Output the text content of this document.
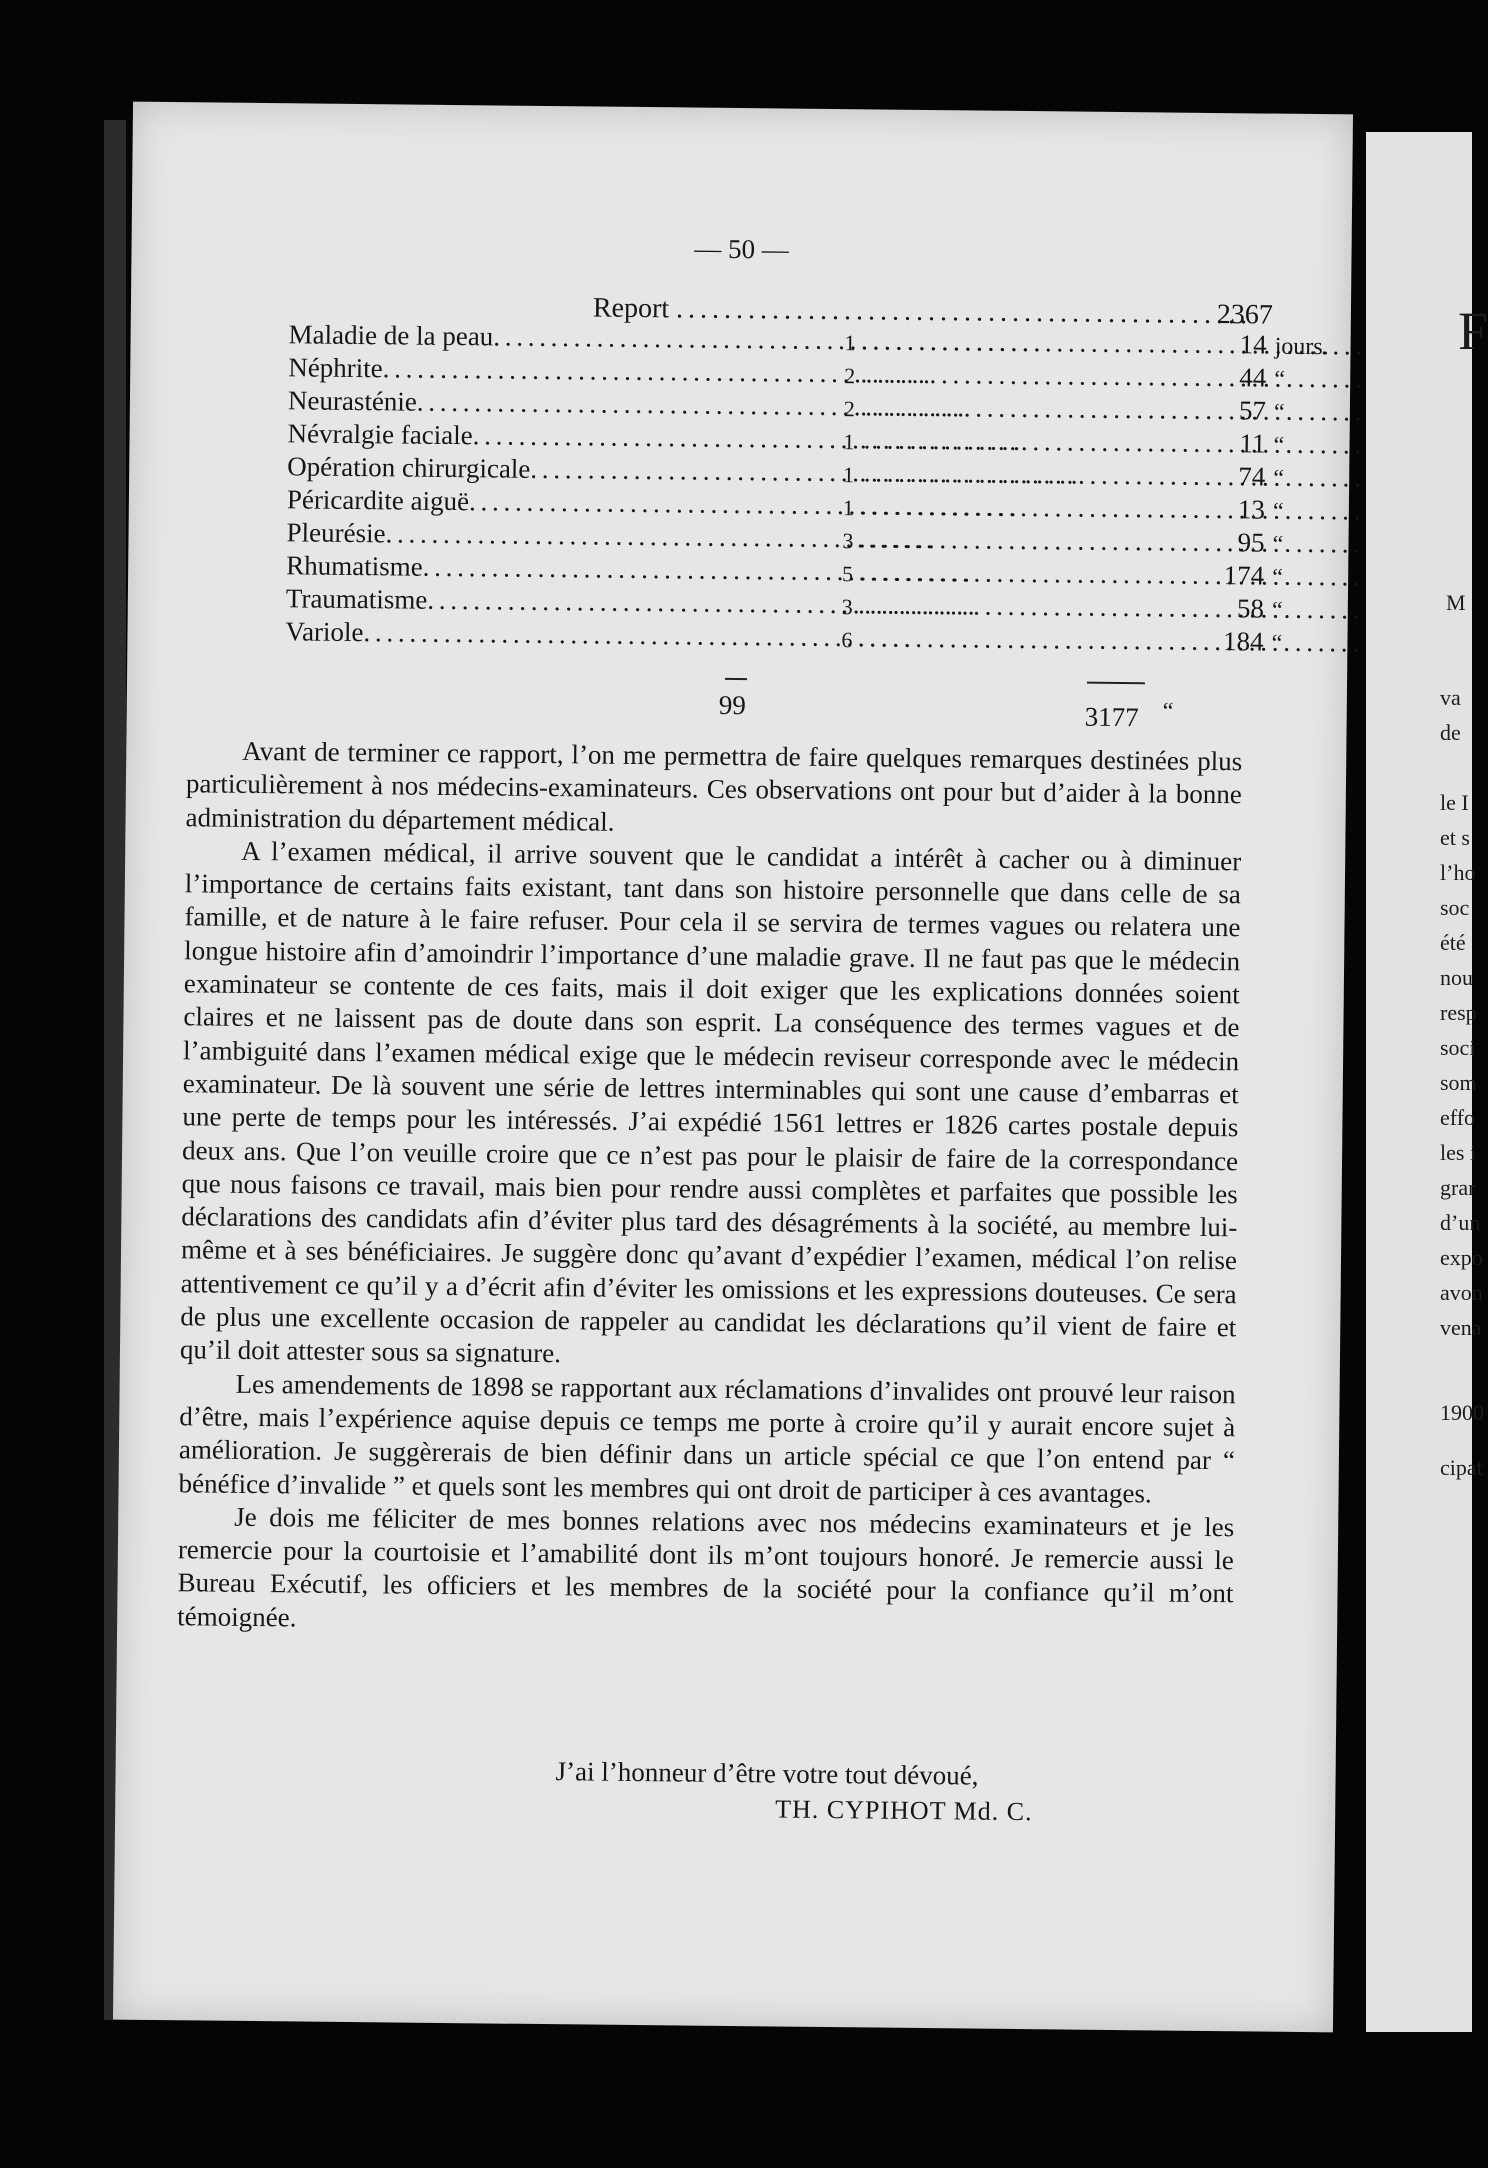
— 50 —
Report . . .	2367
Maladie de la peau. . .	1	. . .	14	jours.
Néphrite. . .	2	. . .	44	“
Neurasténie. . .	2	. . .	57	“
Névralgie faciale. . .	1	. . .	11	“
Opération chirurgicale. . .	1	. . .	74	“
Péricardite aiguë. . .	1	. . .	13	“
Pleurésie. . .	3	. . .	95	“
Rhumatisme. . .	5	. . .	174	“
Traumatisme. . .	3	. . .	58	“
Variole. . .	6	. . .	184	“
99	3177 “

Avant de terminer ce rapport, l’on me permettra de faire quelques remarques destinées plus particulièrement à nos médecins-examinateurs. Ces observations ont pour but d’aider à la bonne administration du département médical.

A l’examen médical, il arrive souvent que le candidat a intérêt à cacher ou à diminuer l’importance de certains faits existant, tant dans son histoire personnelle que dans celle de sa famille, et de nature à le faire refuser. Pour cela il se servira de termes vagues ou relatera une longue histoire afin d’amoindrir l’importance d’une maladie grave. Il ne faut pas que le médecin examinateur se contente de ces faits, mais il doit exiger que les explications données soient claires et ne laissent pas de doute dans son esprit. La conséquence des termes vagues et de l’ambiguité dans l’examen médical exige que le médecin reviseur corresponde avec le médecin examinateur. De là souvent une série de lettres interminables qui sont une cause d’embarras et une perte de temps pour les intéressés. J’ai expédié 1561 lettres er 1826 cartes postale depuis deux ans. Que l’on veuille croire que ce n’est pas pour le plaisir de faire de la correspondance que nous faisons ce travail, mais bien pour rendre aussi complètes et parfaites que possible les déclarations des candidats afin d’éviter plus tard des désagréments à la société, au membre lui-même et à ses bénéficiaires. Je suggère donc qu’avant d’expédier l’examen, médical l’on relise attentivement ce qu’il y a d’écrit afin d’éviter les omissions et les expressions douteuses. Ce sera de plus une excellente occasion de rappeler au candidat les déclarations qu’il vient de faire et qu’il doit attester sous sa signature.

Les amendements de 1898 se rapportant aux réclamations d’invalides ont prouvé leur raison d’être, mais l’expérience aquise depuis ce temps me porte à croire qu’il y aurait encore sujet à amélioration. Je suggèrerais de bien définir dans un article spécial ce que l’on entend par “ bénéfice d’invalide ” et quels sont les membres qui ont droit de participer à ces avantages.

Je dois me féliciter de mes bonnes relations avec nos médecins examinateurs et je les remercie pour la courtoisie et l’amabilité dont ils m’ont toujours honoré. Je remercie aussi le Bureau Exécutif, les officiers et les membres de la société pour la confiance qu’il m’ont témoignée.

J’ai l’honneur d’être votre tout dévoué,
TH. CYPIHOT Md. C.
F
M
va
de
le I
et s
l’ho
soc
été
nou
resp
soci
som
effo
les i
grar
d’un
expo
avon
vena
1900
cipat
